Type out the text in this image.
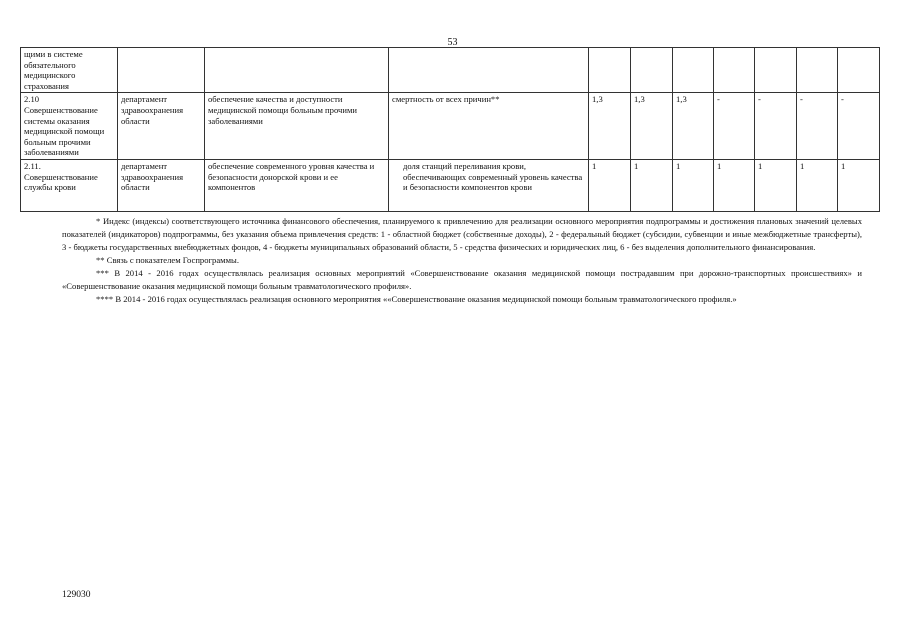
53
щими в системе обязательного медицинского страхования										
2.10 Совершенствование системы оказания медицинской помощи больным прочими заболеваниями	департамент здравоохранения области	обеспечение качества и доступности медицинской помощи больным прочими заболеваниями	смертность от всех причин**	1,3	1,3	1,3	-	-	-	-
2.11. Совершенствование службы крови	департамент здравоохранения области	обеспечение современного уровня качества и безопасности донорской крови и ее компонентов	доля станций переливания крови, обеспечивающих современный уровень качества и безопасности компонентов крови	1	1	1	1	1	1	1

* Индекс (индексы) соответствующего источника финансового обеспечения, планируемого к привлечению для реализации основного мероприятия подпрограммы и достижения плановых значений целевых показателей (индикаторов) подпрограммы, без указания объема привлечения средств: 1 - областной бюджет (собственные доходы), 2 - федеральный бюджет (субсидии, субвенции и иные межбюджетные трансферты), 3 - бюджеты государственных внебюджетных фондов, 4 - бюджеты муниципальных образований области, 5 - средства физических и юридических лиц, 6 - без выделения дополнительного финансирования.

** Связь с показателем Госпрограммы.

*** В 2014 - 2016 годах осуществлялась реализация основных мероприятий «Совершенствование оказания медицинской помощи пострадавшим при дорожно-транспортных происшествиях» и «Совершенствование оказания медицинской помощи больным травматологического профиля».

**** В 2014 - 2016 годах осуществлялась реализация основного мероприятия ««Совершенствование оказания медицинской помощи больным травматологического профиля.»

129030
